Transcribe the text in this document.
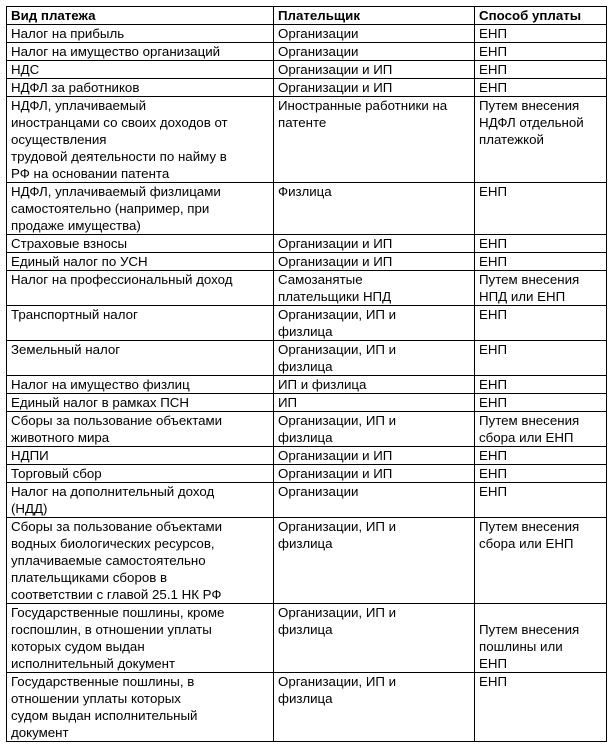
Вид платежа	Плательщик	Способ уплаты

Налог на прибыль	Организации	ЕНП

Налог на имущество организаций	Организации	ЕНП

НДС	Организации и ИП	ЕНП

НДФЛ за работников	Организации и ИП	ЕНП

НДФЛ, уплачиваемый
иностранцами со своих доходов от
осуществления
трудовой деятельности по найму в
РФ на основании патента	Иностранные работники на
патенте	Путем внесения
НДФЛ отдельной
платежкой

НДФЛ, уплачиваемый физлицами
самостоятельно (например, при
продаже имущества)	Физлица	ЕНП

Страховые взносы	Организации и ИП	ЕНП

Единый налог по УСН	Организации и ИП	ЕНП

Налог на профессиональный доход	Самозанятые
плательщики НПД	Путем внесения
НПД или ЕНП

Транспортный налог	Организации, ИП и
физлица	ЕНП

Земельный налог	Организации, ИП и
физлица	ЕНП

Налог на имущество физлиц	ИП и физлица	ЕНП

Единый налог в рамках ПСН	ИП	ЕНП

Сборы за пользование объектами
животного мира	Организации, ИП и
физлица	Путем внесения
сбора или ЕНП

НДПИ	Организации и ИП	ЕНП

Торговый сбор	Организации и ИП	ЕНП

Налог на дополнительный доход
(НДД)	Организации	ЕНП

Сборы за пользование объектами
водных биологических ресурсов,
уплачиваемые самостоятельно
плательщиками сборов в
соответствии с главой 25.1 НК РФ	Организации, ИП и
физлица	Путем внесения
сбора или ЕНП

Государственные пошлины, кроме
госпошлин, в отношении уплаты
которых судом выдан
исполнительный документ	Организации, ИП и
физлица	Путем внесения
пошлины или
ЕНП

Государственные пошлины, в
отношении уплаты которых
судом выдан исполнительный
документ	Организации, ИП и
физлица	ЕНП
